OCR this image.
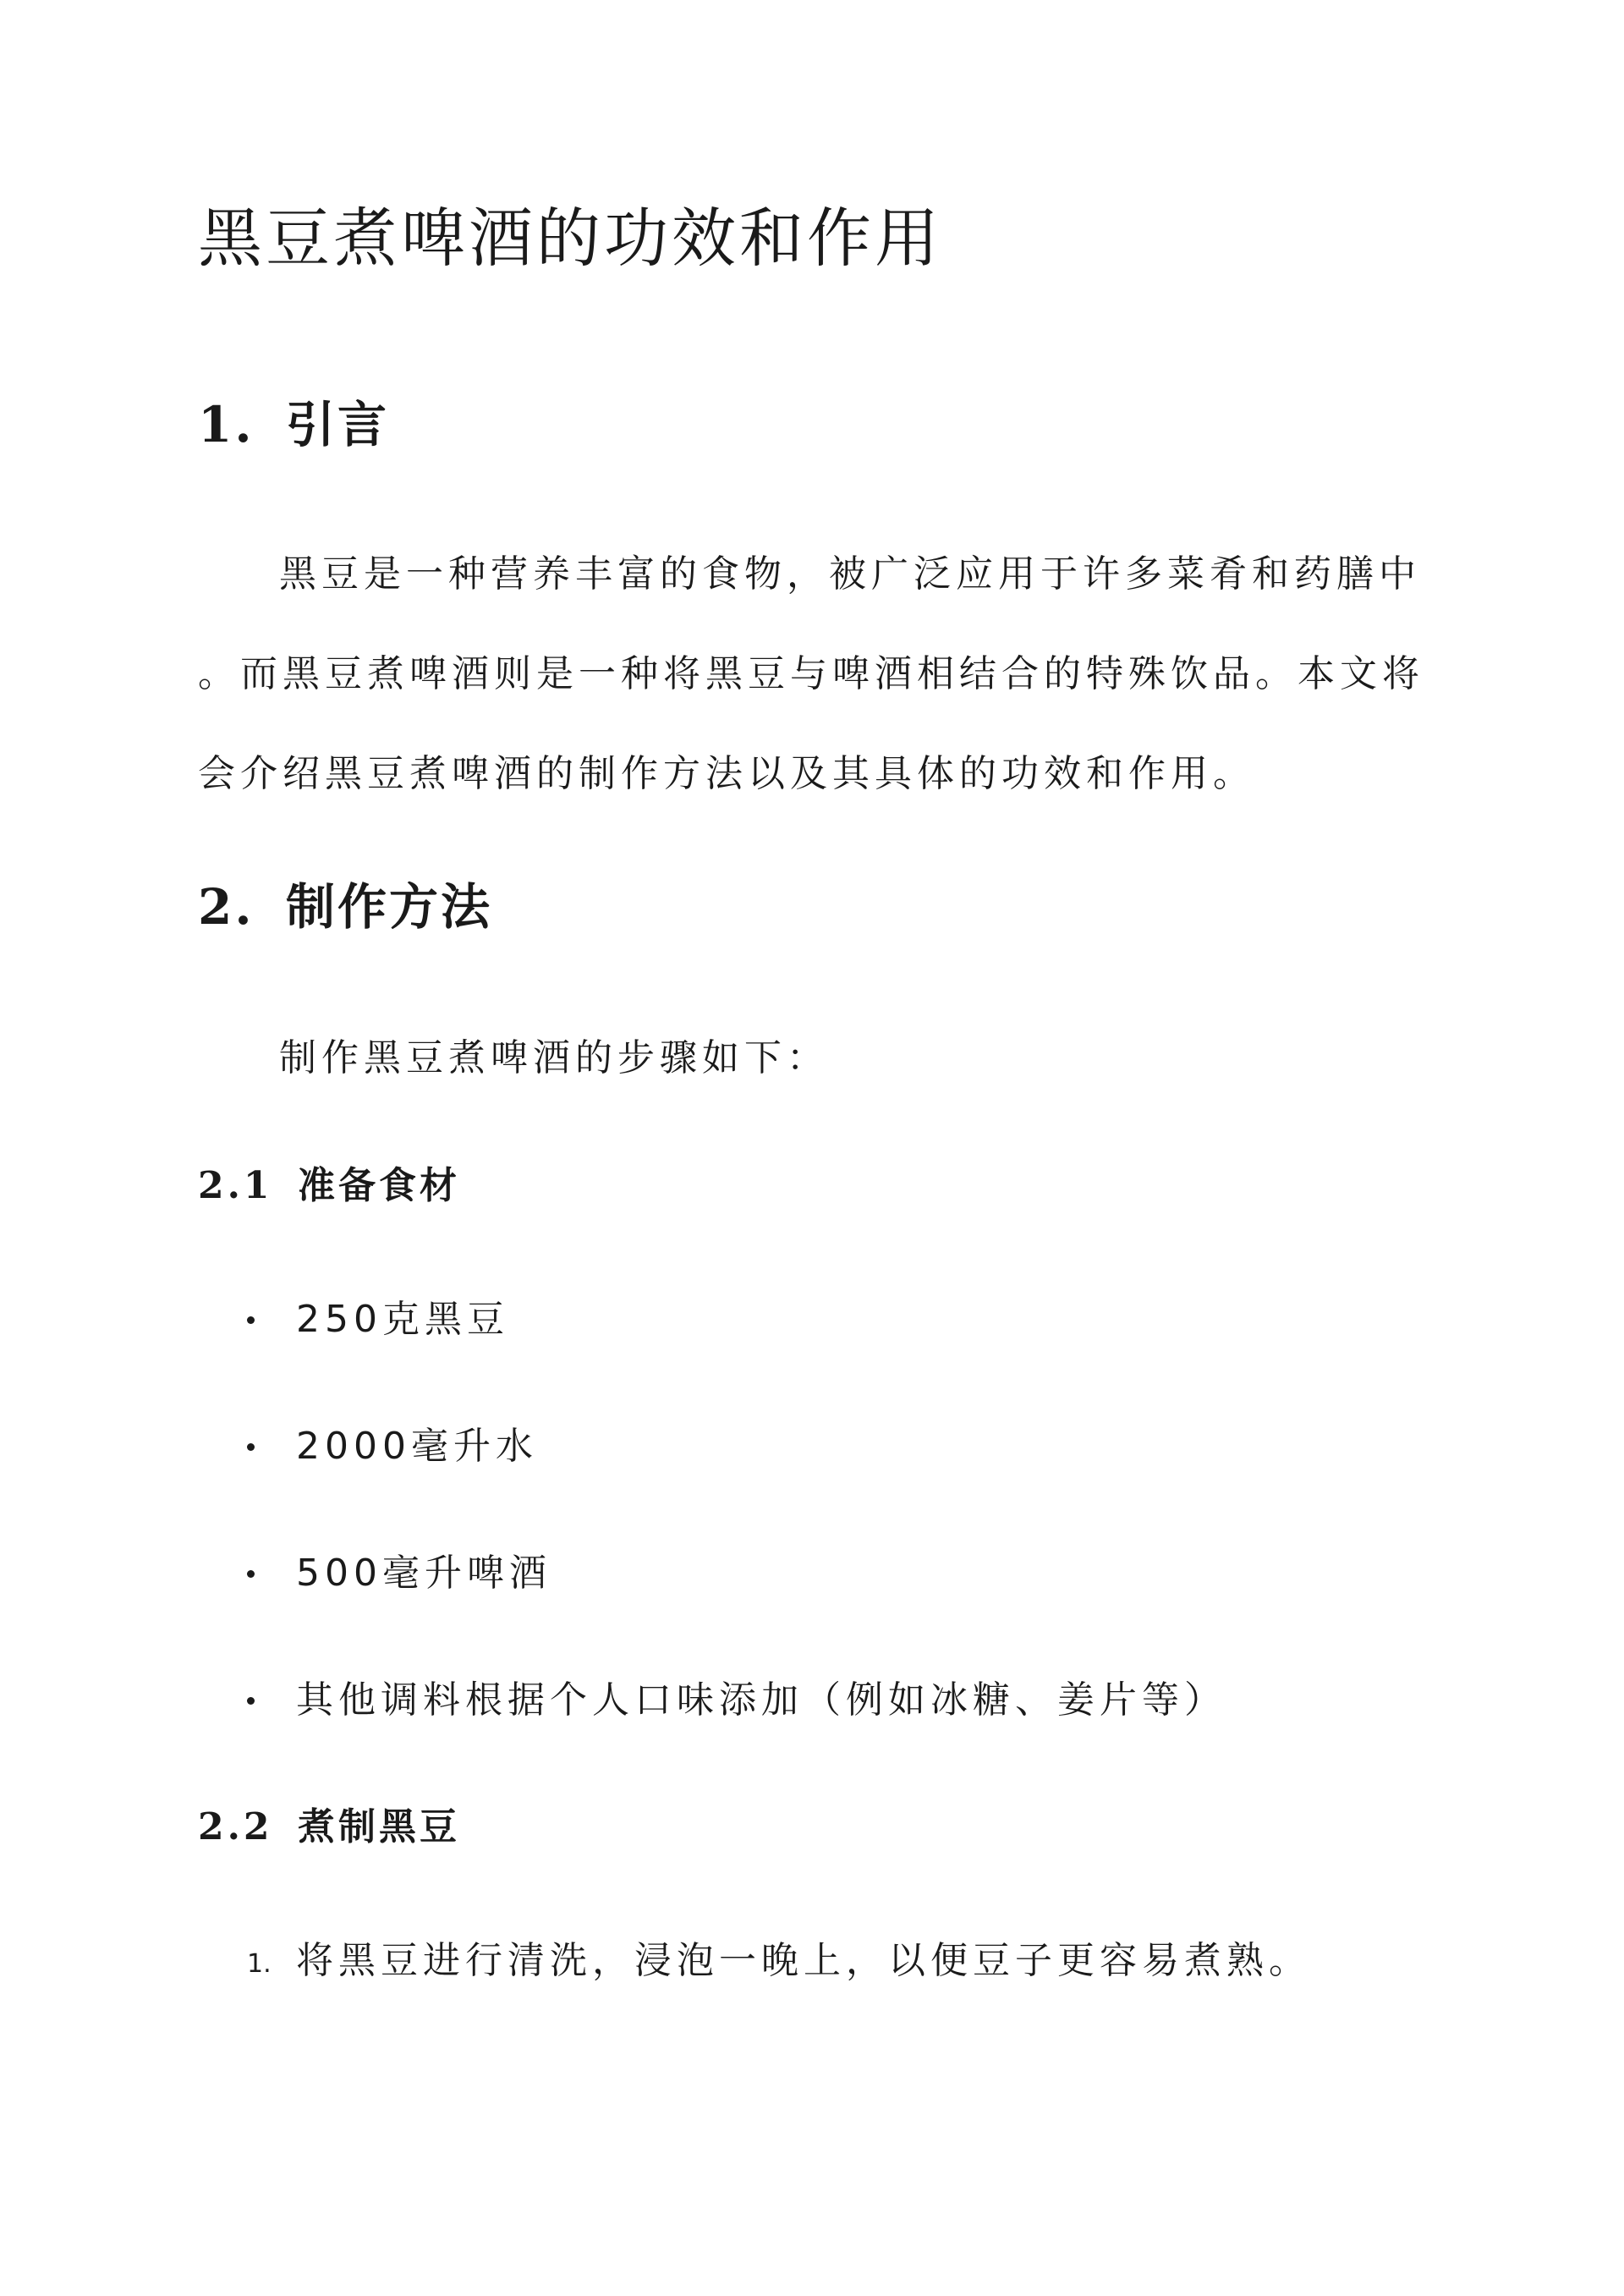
黑豆煮啤酒的功效和作用
1. 引言
黑豆是一种营养丰富的食物，被广泛应用于许多菜肴和药膳中
。而黑豆煮啤酒则是一种将黑豆与啤酒相结合的特殊饮品。本文将
会介绍黑豆煮啤酒的制作方法以及其具体的功效和作用。
2. 制作方法
制作黑豆煮啤酒的步骤如下：
2.1 准备食材
250克黑豆
2000毫升水
500毫升啤酒
其他调料根据个人口味添加（例如冰糖、姜片等）
2.2 煮制黑豆
1. 将黑豆进行清洗，浸泡一晚上，以便豆子更容易煮熟。
